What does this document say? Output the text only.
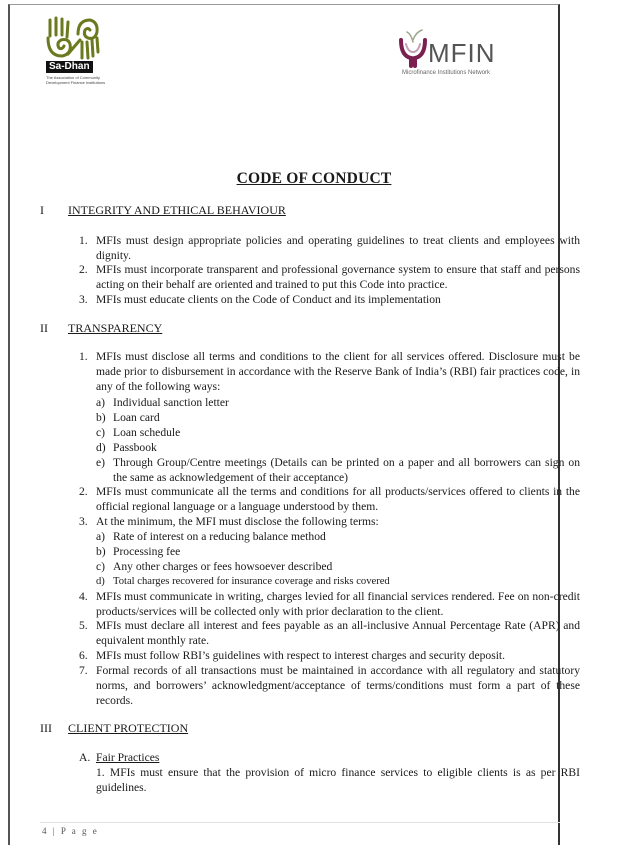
Sa-Dhan
The Association of Community Development Finance Institutions
MFIN
Microfinance Institutions Network
CODE OF CONDUCT
I INTEGRITY AND ETHICAL BEHAVIOUR
1. MFIs must design appropriate policies and operating guidelines to treat clients and employees with dignity.
2. MFIs must incorporate transparent and professional governance system to ensure that staff and persons acting on their behalf are oriented and trained to put this Code into practice.
3. MFIs must educate clients on the Code of Conduct and its implementation
II TRANSPARENCY
1. MFIs must disclose all terms and conditions to the client for all services offered. Disclosure must be made prior to disbursement in accordance with the Reserve Bank of India’s (RBI) fair practices code, in any of the following ways:
a) Individual sanction letter
b) Loan card
c) Loan schedule
d) Passbook
e) Through Group/Centre meetings (Details can be printed on a paper and all borrowers can sign on the same as acknowledgement of their acceptance)
2. MFIs must communicate all the terms and conditions for all products/services offered to clients in the official regional language or a language understood by them.
3. At the minimum, the MFI must disclose the following terms:
a) Rate of interest on a reducing balance method
b) Processing fee
c) Any other charges or fees howsoever described
d) Total charges recovered for insurance coverage and risks covered
4. MFIs must communicate in writing, charges levied for all financial services rendered. Fee on non-credit products/services will be collected only with prior declaration to the client.
5. MFIs must declare all interest and fees payable as an all-inclusive Annual Percentage Rate (APR) and equivalent monthly rate.
6. MFIs must follow RBI’s guidelines with respect to interest charges and security deposit.
7. Formal records of all transactions must be maintained in accordance with all regulatory and statutory norms, and borrowers’ acknowledgment/acceptance of terms/conditions must form a part of these records.
III CLIENT PROTECTION
A. Fair Practices
1. MFIs must ensure that the provision of micro finance services to eligible clients is as per RBI guidelines.
4 | P a g e
